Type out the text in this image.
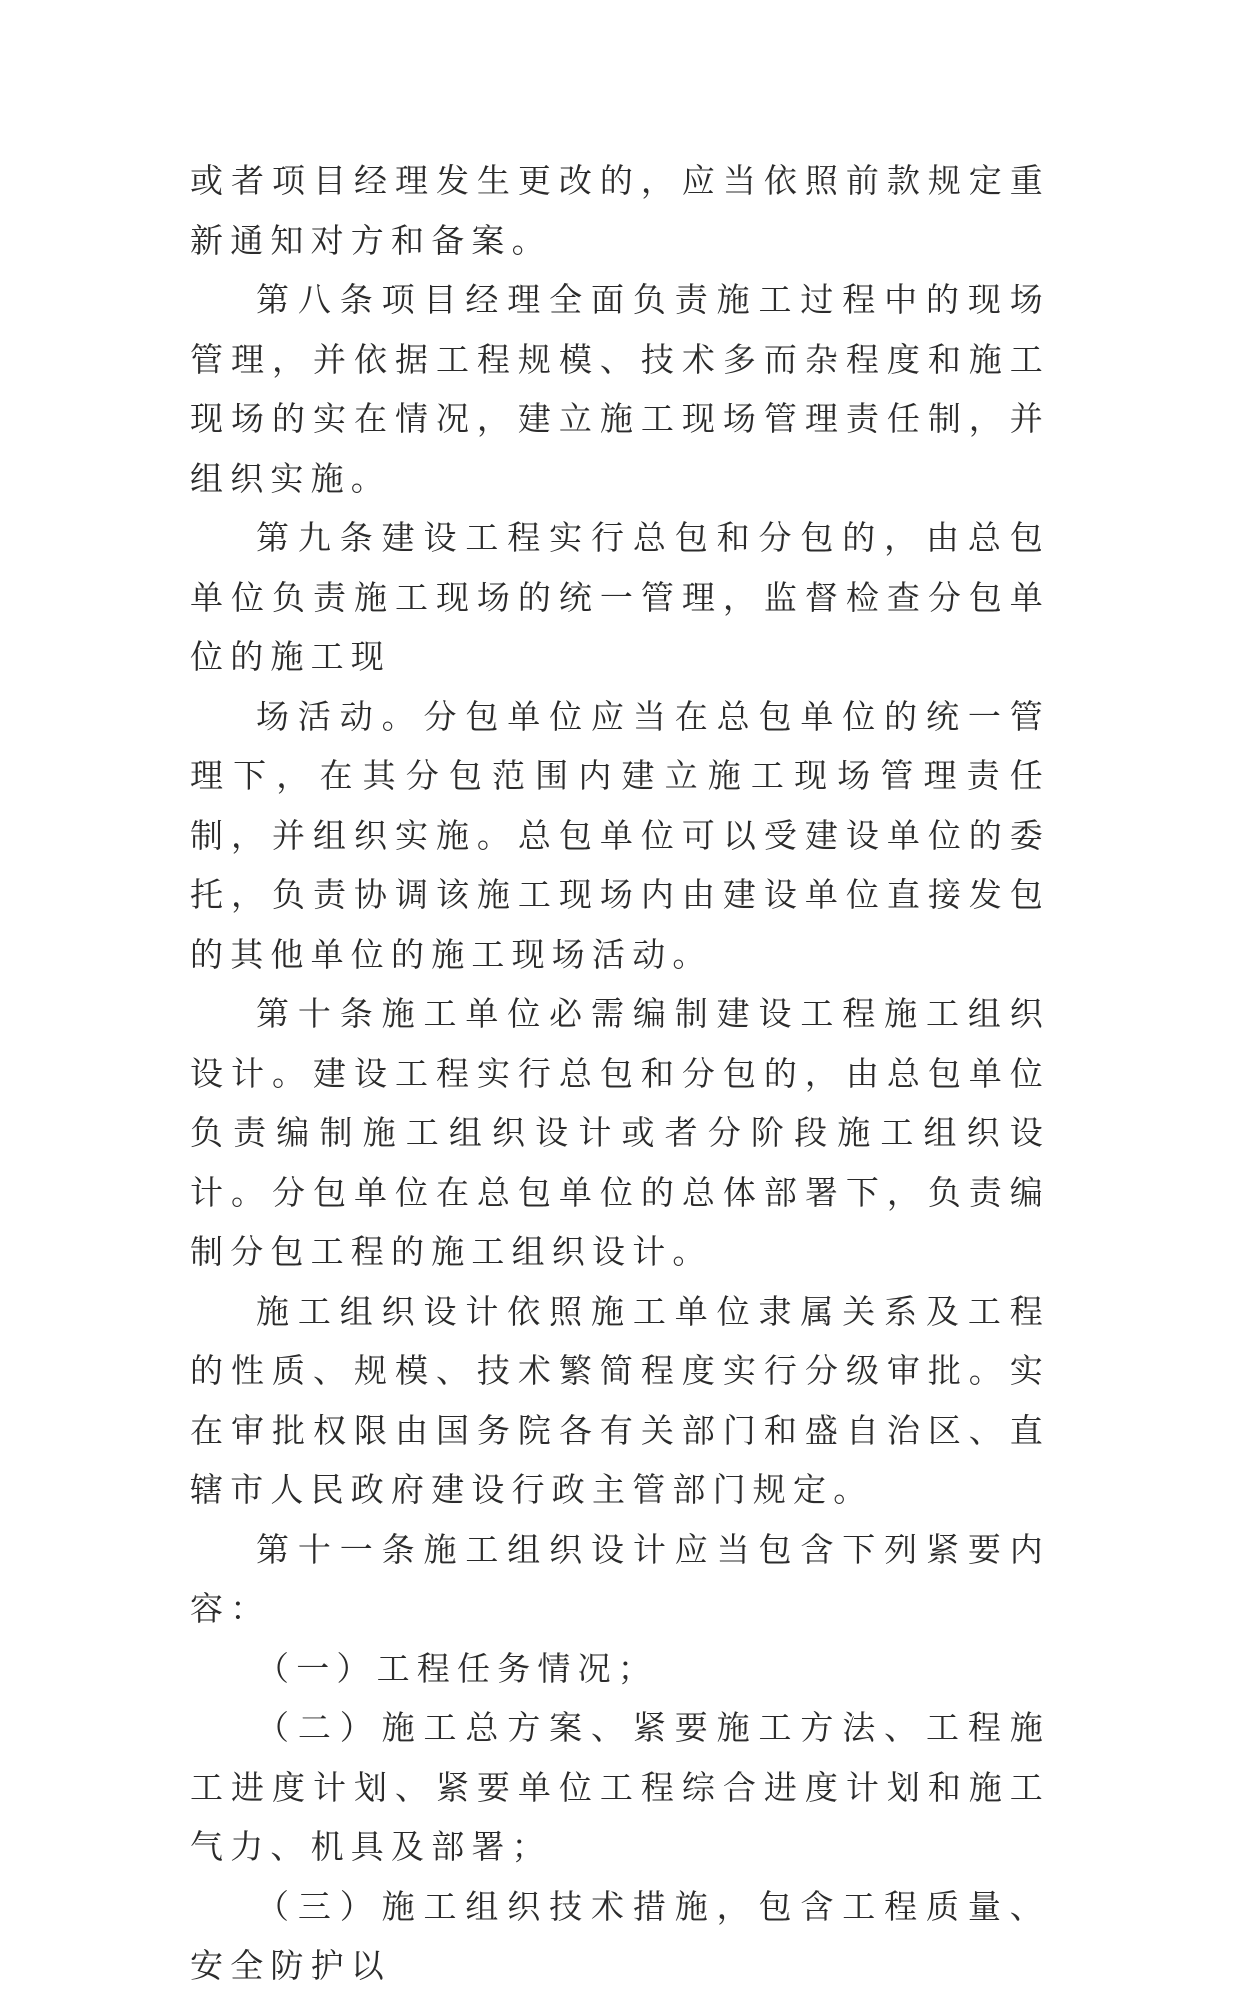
或者项目经理发生更改的，应当依照前款规定重新通知对方和备案。

第八条项目经理全面负责施工过程中的现场管理，并依据工程规模、技术多而杂程度和施工现场的实在情况，建立施工现场管理责任制，并组织实施。

第九条建设工程实行总包和分包的，由总包单位负责施工现场的统一管理，监督检查分包单位的施工现

场活动。分包单位应当在总包单位的统一管理下，在其分包范围内建立施工现场管理责任制，并组织实施。总包单位可以受建设单位的委托，负责协调该施工现场内由建设单位直接发包的其他单位的施工现场活动。

第十条施工单位必需编制建设工程施工组织设计。建设工程实行总包和分包的，由总包单位负责编制施工组织设计或者分阶段施工组织设计。分包单位在总包单位的总体部署下，负责编制分包工程的施工组织设计。

施工组织设计依照施工单位隶属关系及工程的性质、规模、技术繁简程度实行分级审批。实在审批权限由国务院各有关部门和盛自治区、直辖市人民政府建设行政主管部门规定。

第十一条施工组织设计应当包含下列紧要内容：

（一）工程任务情况；

（二）施工总方案、紧要施工方法、工程施工进度计划、紧要单位工程综合进度计划和施工气力、机具及部署；

（三）施工组织技术措施，包含工程质量、安全防护以
